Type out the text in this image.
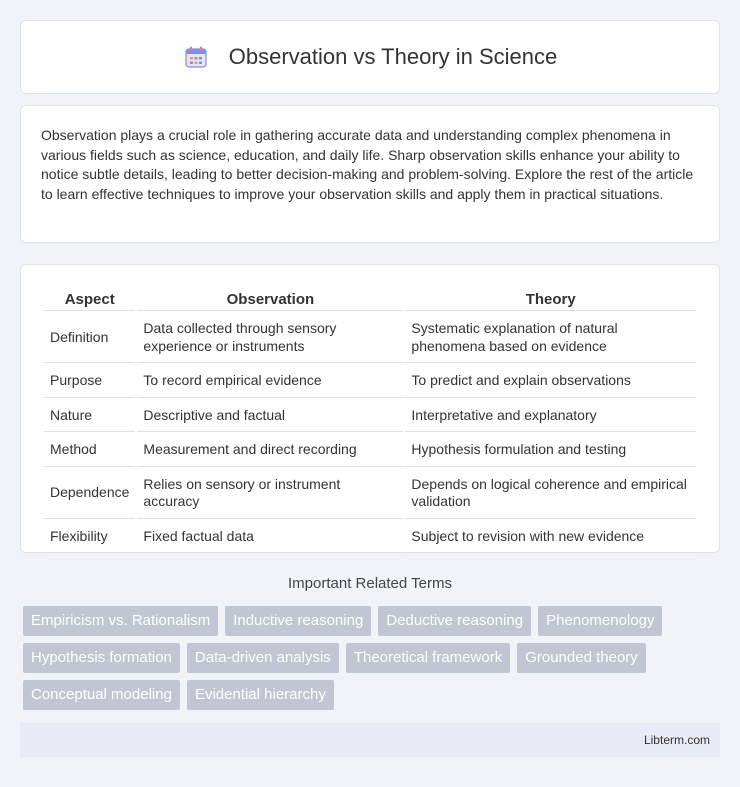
Observation vs Theory in Science

Observation plays a crucial role in gathering accurate data and understanding complex phenomena in various fields such as science, education, and daily life. Sharp observation skills enhance your ability to notice subtle details, leading to better decision-making and problem-solving. Explore the rest of the article to learn effective techniques to improve your observation skills and apply them in practical situations.

Aspect	Observation	Theory
Definition	Data collected through sensory experience or instruments	Systematic explanation of natural phenomena based on evidence
Purpose	To record empirical evidence	To predict and explain observations
Nature	Descriptive and factual	Interpretative and explanatory
Method	Measurement and direct recording	Hypothesis formulation and testing
Dependence	Relies on sensory or instrument accuracy	Depends on logical coherence and empirical validation
Flexibility	Fixed factual data	Subject to revision with new evidence
Important Related Terms
Empiricism vs. Rationalism	Inductive reasoning	Deductive reasoning	Phenomenology
Hypothesis formation	Data-driven analysis	Theoretical framework	Grounded theory
Conceptual modeling	Evidential hierarchy
Libterm.com
